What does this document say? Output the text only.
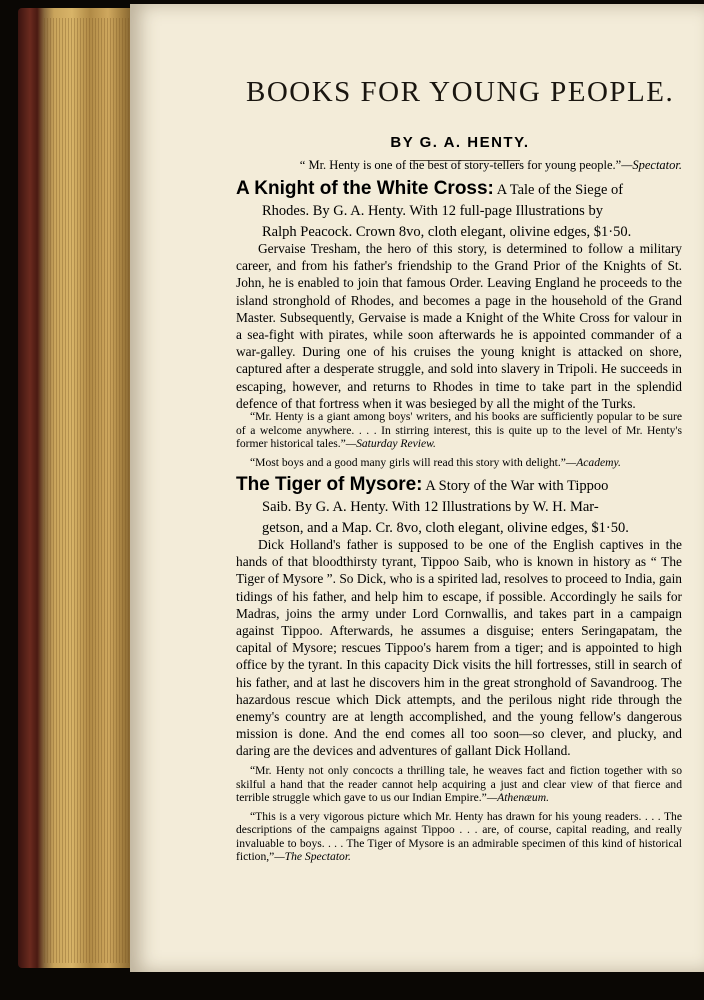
BOOKS FOR YOUNG PEOPLE.
BY G. A. HENTY.
“ Mr. Henty is one of the best of story-tellers for young people.”—Spectator.
A Knight of the White Cross: A Tale of the Siege of
Rhodes. By G. A. Henty. With 12 full-page Illustrations by
Ralph Peacock. Crown 8vo, cloth elegant, olivine edges, $1·50.

Gervaise Tresham, the hero of this story, is determined to follow a military career, and from his father's friendship to the Grand Prior of the Knights of St. John, he is enabled to join that famous Order. Leaving England he proceeds to the island stronghold of Rhodes, and becomes a page in the household of the Grand Master. Subsequently, Gervaise is made a Knight of the White Cross for valour in a sea-fight with pirates, while soon afterwards he is appointed commander of a war-galley. During one of his cruises the young knight is attacked on shore, captured after a desperate struggle, and sold into slavery in Tripoli. He succeeds in escaping, however, and returns to Rhodes in time to take part in the splendid defence of that fortress when it was besieged by all the might of the Turks.

“Mr. Henty is a giant among boys' writers, and his books are sufficiently popular to be sure of a welcome anywhere. . . . In stirring interest, this is quite up to the level of Mr. Henty's former historical tales.”—Saturday Review.

“Most boys and a good many girls will read this story with delight.”—Academy.

The Tiger of Mysore: A Story of the War with Tippoo
Saib. By G. A. Henty. With 12 Illustrations by W. H. Mar-
getson, and a Map. Cr. 8vo, cloth elegant, olivine edges, $1·50.

Dick Holland's father is supposed to be one of the English captives in the hands of that bloodthirsty tyrant, Tippoo Saib, who is known in history as “ The Tiger of Mysore ”. So Dick, who is a spirited lad, resolves to proceed to India, gain tidings of his father, and help him to escape, if possible. Accordingly he sails for Madras, joins the army under Lord Cornwallis, and takes part in a campaign against Tippoo. Afterwards, he assumes a disguise; enters Seringapatam, the capital of Mysore; rescues Tippoo's harem from a tiger; and is appointed to high office by the tyrant. In this capacity Dick visits the hill fortresses, still in search of his father, and at last he discovers him in the great stronghold of Savandroog. The hazardous rescue which Dick attempts, and the perilous night ride through the enemy's country are at length accomplished, and the young fellow's dangerous mission is done. And the end comes all too soon—so clever, and plucky, and daring are the devices and adventures of gallant Dick Holland.

“Mr. Henty not only concocts a thrilling tale, he weaves fact and fiction together with so skilful a hand that the reader cannot help acquiring a just and clear view of that fierce and terrible struggle which gave to us our Indian Empire.”—Athenæum.

“This is a very vigorous picture which Mr. Henty has drawn for his young readers. . . . The descriptions of the campaigns against Tippoo . . . are, of course, capital reading, and really invaluable to boys. . . . The Tiger of Mysore is an admirable specimen of this kind of historical fiction,”—The Spectator.
